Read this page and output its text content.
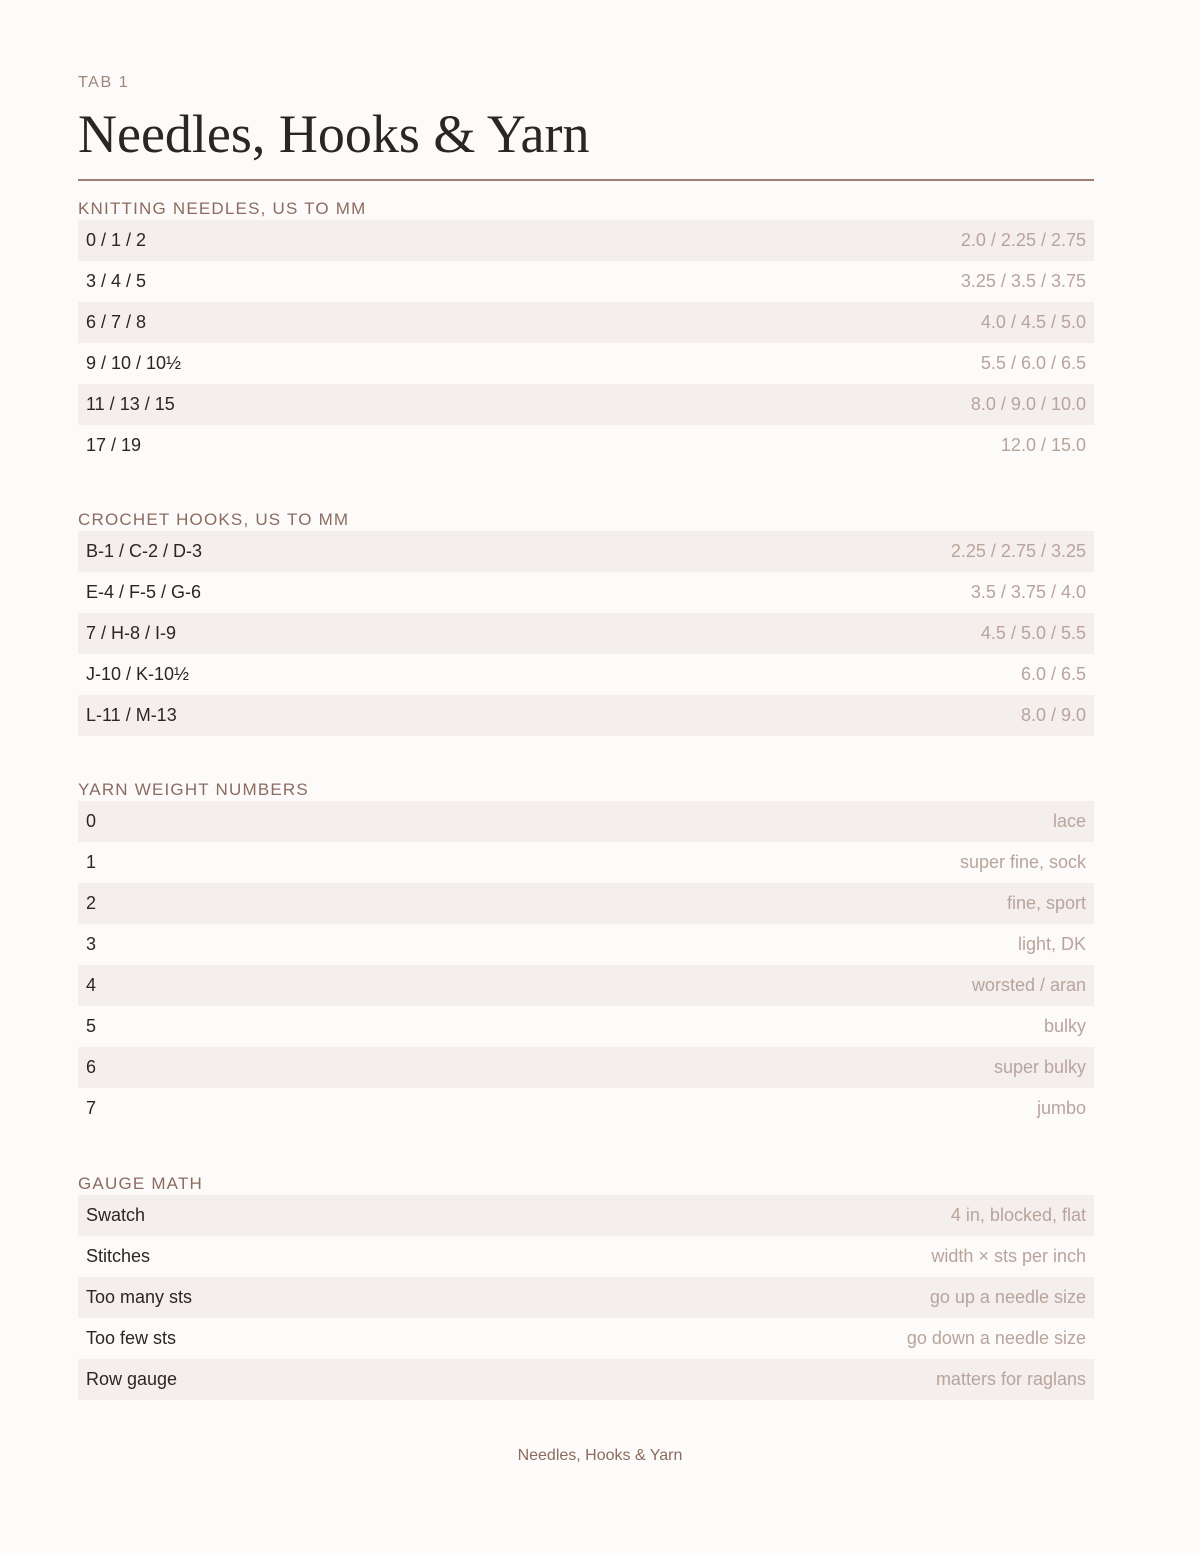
TAB 1
Needles, Hooks & Yarn
KNITTING NEEDLES, US TO MM
0 / 1 / 2	2.0 / 2.25 / 2.75
3 / 4 / 5	3.25 / 3.5 / 3.75
6 / 7 / 8	4.0 / 4.5 / 5.0
9 / 10 / 10½	5.5 / 6.0 / 6.5
11 / 13 / 15	8.0 / 9.0 / 10.0
17 / 19	12.0 / 15.0
CROCHET HOOKS, US TO MM
B-1 / C-2 / D-3	2.25 / 2.75 / 3.25
E-4 / F-5 / G-6	3.5 / 3.75 / 4.0
7 / H-8 / I-9	4.5 / 5.0 / 5.5
J-10 / K-10½	6.0 / 6.5
L-11 / M-13	8.0 / 9.0
YARN WEIGHT NUMBERS
0	lace
1	super fine, sock
2	fine, sport
3	light, DK
4	worsted / aran
5	bulky
6	super bulky
7	jumbo
GAUGE MATH
Swatch	4 in, blocked, flat
Stitches	width × sts per inch
Too many sts	go up a needle size
Too few sts	go down a needle size
Row gauge	matters for raglans
Needles, Hooks & Yarn
